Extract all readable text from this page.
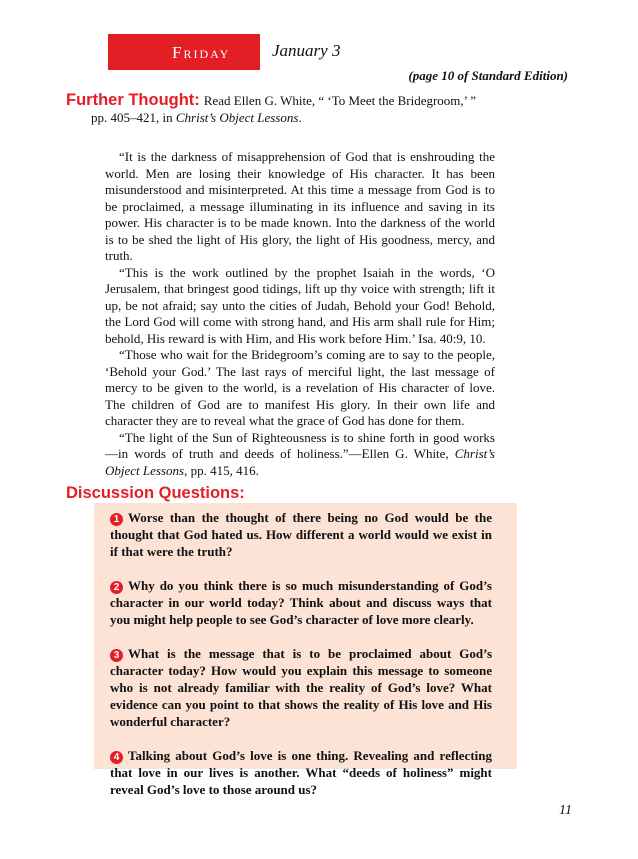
Friday January 3
(page 10 of Standard Edition)
Further Thought: Read Ellen G. White, “ ‘To Meet the Bridegroom,’ ”
pp. 405–421, in Christ’s Object Lessons.

“It is the darkness of misapprehension of God that is enshrouding the world. Men are losing their knowledge of His character. It has been misunderstood and misinterpreted. At this time a message from God is to be proclaimed, a message illuminating in its influence and saving in its power. His character is to be made known. Into the darkness of the world is to be shed the light of His glory, the light of His goodness, mercy, and truth.

“This is the work outlined by the prophet Isaiah in the words, ‘O Jerusalem, that bringest good tidings, lift up thy voice with strength; lift it up, be not afraid; say unto the cities of Judah, Behold your God! Behold, the Lord God will come with strong hand, and His arm shall rule for Him; behold, His reward is with Him, and His work before Him.’ Isa. 40:9, 10.

“Those who wait for the Bridegroom’s coming are to say to the people, ‘Behold your God.’ The last rays of merciful light, the last message of mercy to be given to the world, is a revelation of His character of love. The children of God are to manifest His glory. In their own life and character they are to reveal what the grace of God has done for them.

“The light of the Sun of Righteousness is to shine forth in good works—in words of truth and deeds of holiness.”—Ellen G. White, Christ’s Object Lessons, pp. 415, 416.

Discussion Questions:

1 Worse than the thought of there being no God would be the thought that God hated us. How different a world would we exist in if that were the truth?

2 Why do you think there is so much misunderstanding of God’s character in our world today? Think about and discuss ways that you might help people to see God’s character of love more clearly.

3 What is the message that is to be proclaimed about God’s character today? How would you explain this message to someone who is not already familiar with the reality of God’s love? What evidence can you point to that shows the reality of His love and His wonderful character?

4 Talking about God’s love is one thing. Revealing and reflecting that love in our lives is another. What “deeds of holiness” might reveal God’s love to those around us?

11
